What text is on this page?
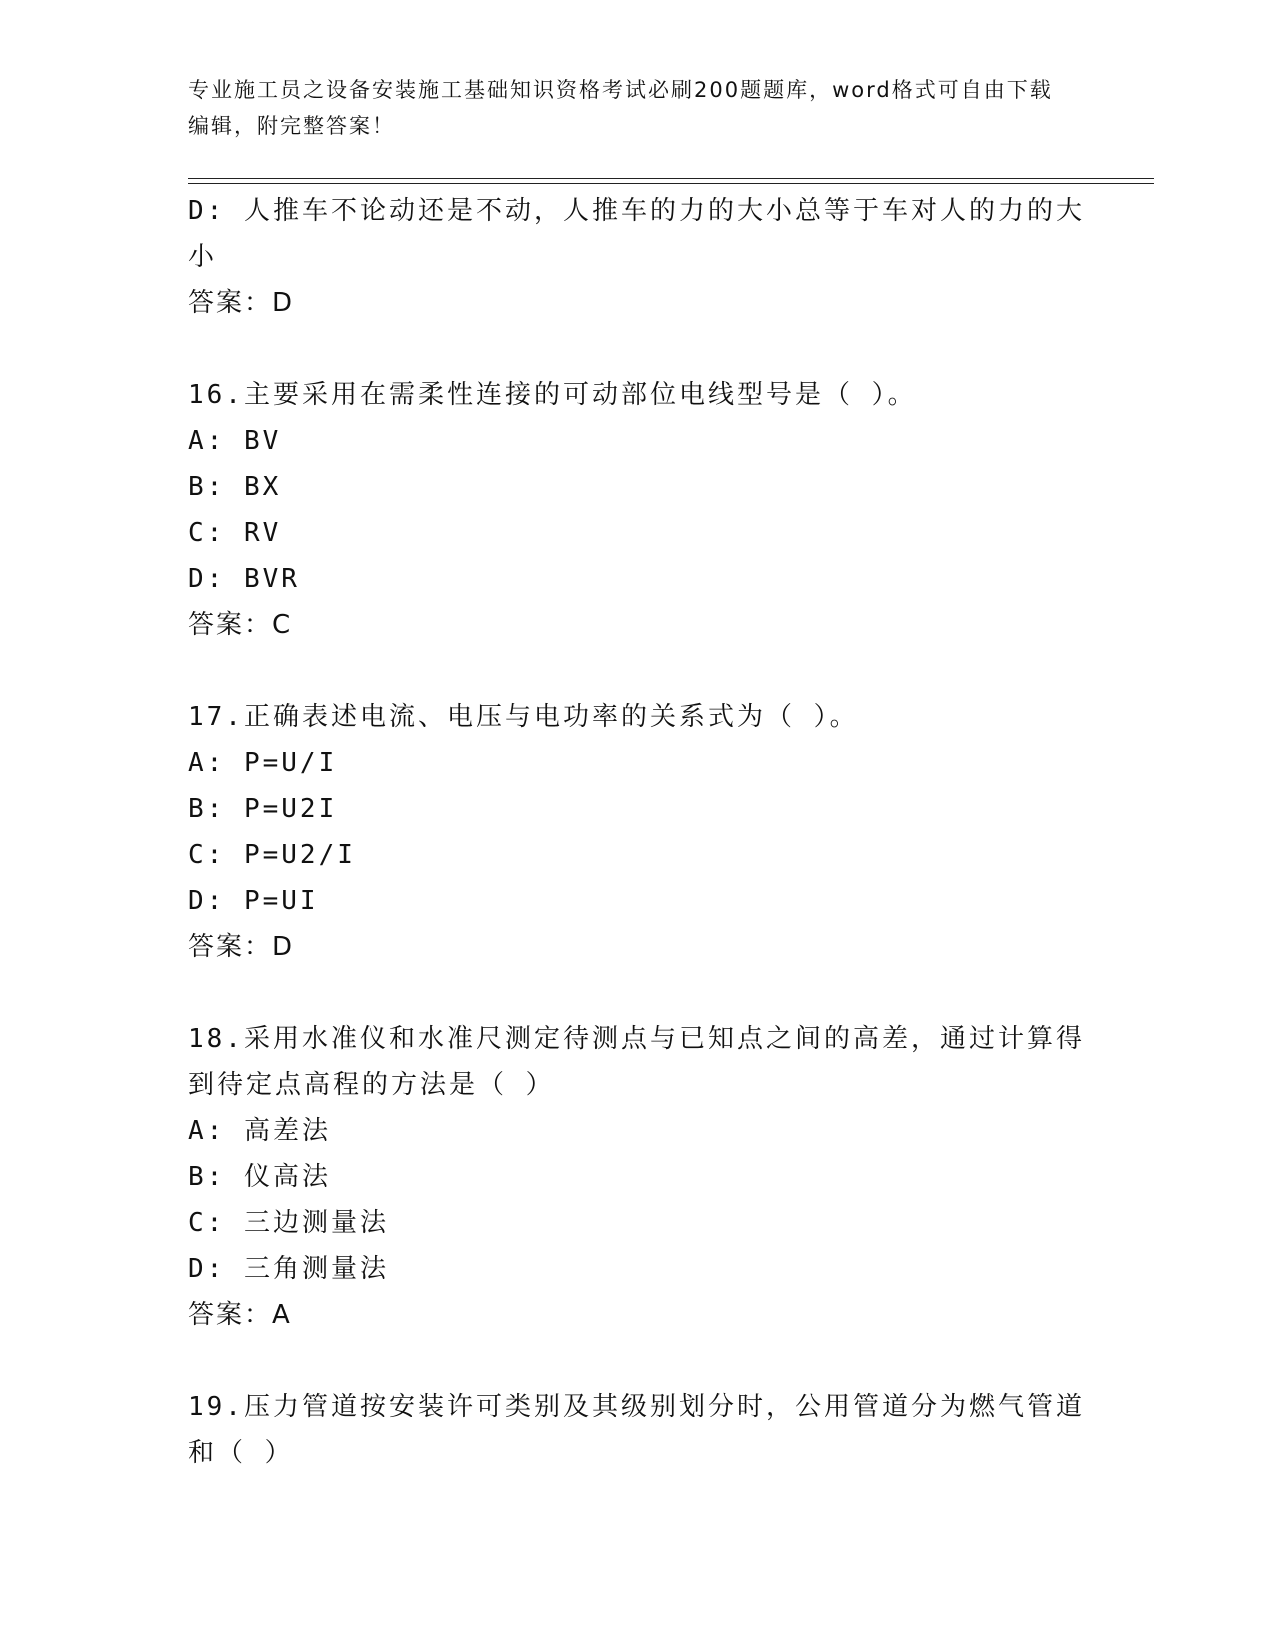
专业施工员之设备安装施工基础知识资格考试必刷200题题库，word格式可自由下载编辑，附完整答案！
D: 人推车不论动还是不动，人推车的力的大小总等于车对人的力的大小
答案：D
16.主要采用在需柔性连接的可动部位电线型号是（ ）。
A: BV
B: BX
C: RV
D: BVR
答案：C
17.正确表述电流、电压与电功率的关系式为（ ）。
A: P=U/I
B: P=U2I
C: P=U2/I
D: P=UI
答案：D
18.采用水准仪和水准尺测定待测点与已知点之间的高差，通过计算得到待定点高程的方法是（ ）
A: 高差法
B: 仪高法
C: 三边测量法
D: 三角测量法
答案：A
19.压力管道按安装许可类别及其级别划分时，公用管道分为燃气管道和（ ）
